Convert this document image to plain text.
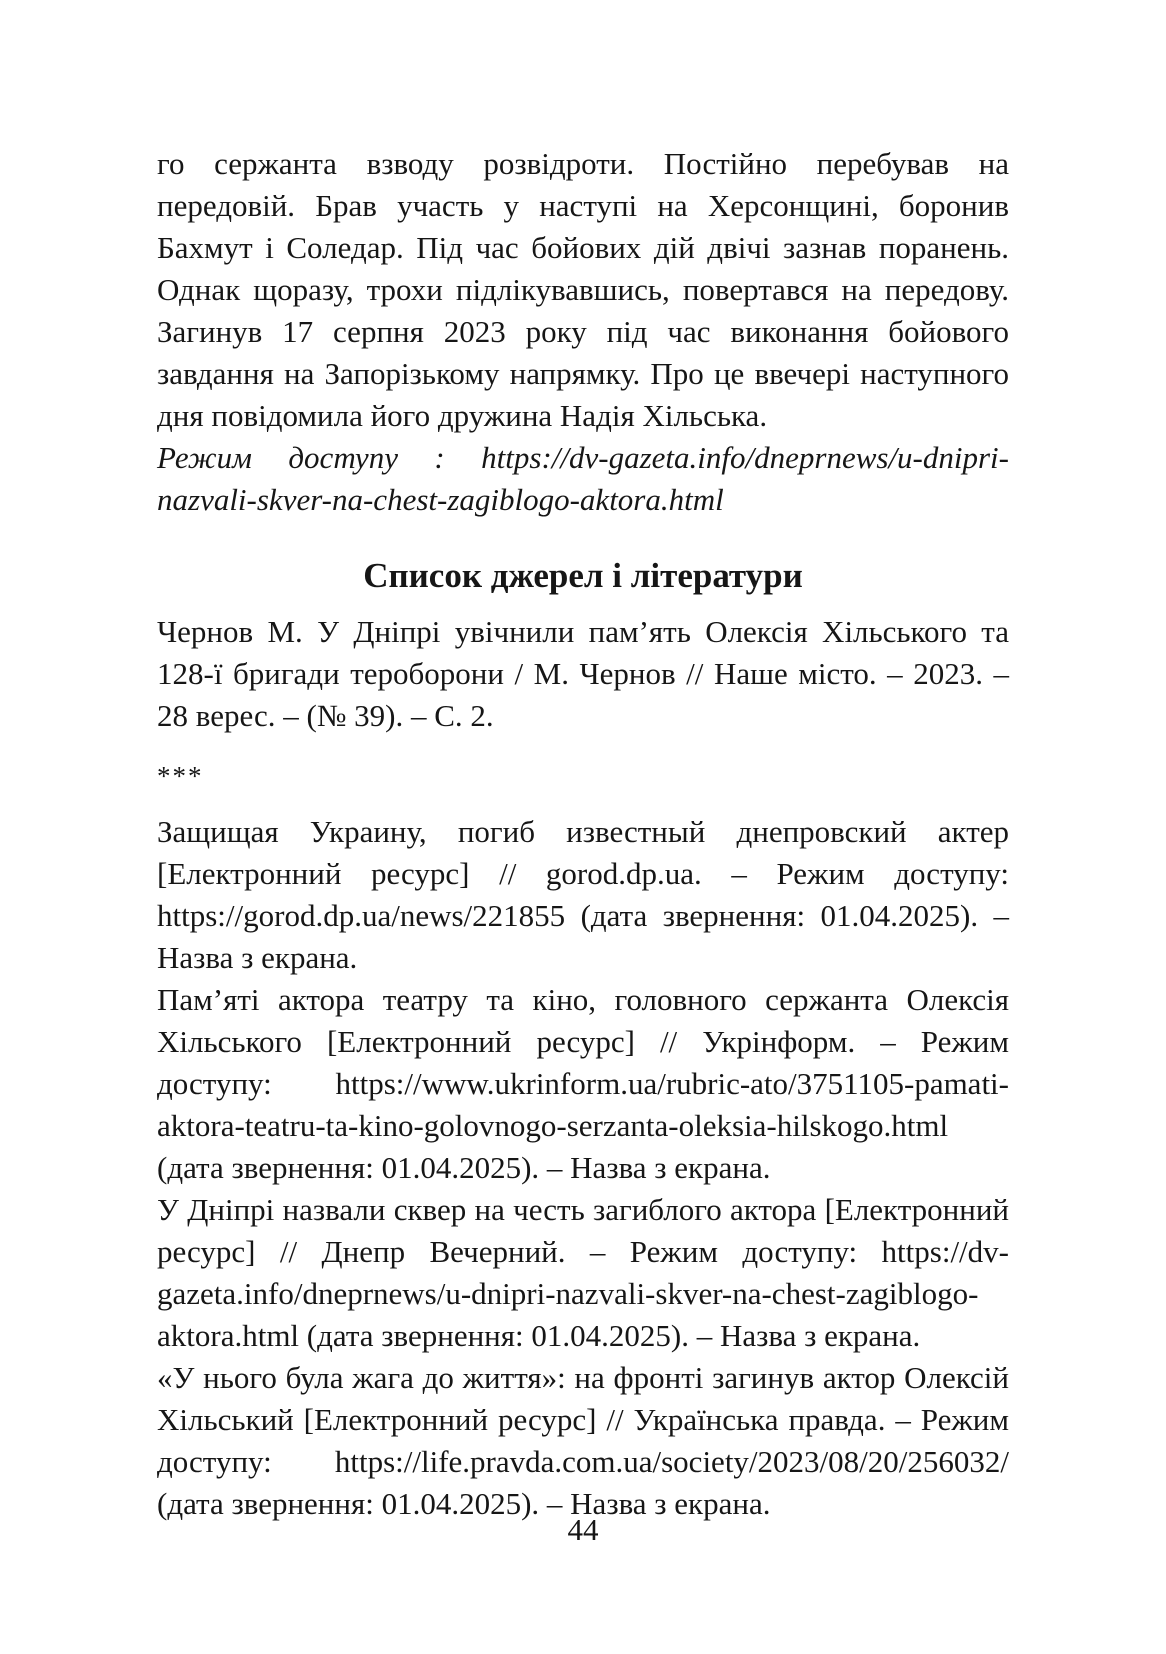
го сержанта взводу розвідроти. Постійно перебував на передовій. Брав участь у наступі на Херсонщині, боронив Бахмут і Соледар. Під час бойових дій двічі зазнав поранень. Однак щоразу, трохи підлікувавшись, повертався на передову. Загинув 17 серпня 2023 року під час виконання бойового завдання на Запорізькому напрямку. Про це ввечері наступного дня повідомила його дружина Надія Хільська.

Режим доступу : https://dv-gazeta.info/dneprnews/u-dnipri-nazvali-skver-na-chest-zagiblogo-aktora.html

Список джерел і літератури

Чернов М. У Дніпрі увічнили пам’ять Олексія Хільського та 128-ї бригади тероборони / М. Чернов // Наше місто. – 2023. – 28 верес. – (№ 39). – С. 2.

***

Защищая Украину, погиб известный днепровский актер [Електронний ресурс] // gorod.dp.ua. – Режим доступу: https://gorod.dp.ua/news/221855 (дата звернення: 01.04.2025). – Назва з екрана.

Пам’яті актора театру та кіно, головного сержанта Олексія Хільського [Електронний ресурс] // Укрінформ. – Режим доступу: https://www.ukrinform.ua/rubric-ato/3751105-pamati-aktora-teatru-ta-kino-golovnogo-serzanta-oleksia-hilskogo.html (дата звернення: 01.04.2025). – Назва з екрана.

У Дніпрі назвали сквер на честь загиблого актора [Електронний ресурс] // Днепр Вечерний. – Режим доступу: https://dv-gazeta.info/dneprnews/u-dnipri-nazvali-skver-na-chest-zagiblogo-aktora.html (дата звернення: 01.04.2025). – Назва з екрана.

«У нього була жага до життя»: на фронті загинув актор Олексій Хільський [Електронний ресурс] // Українська правда. – Режим доступу: https://life.pravda.com.ua/society/2023/08/20/256032/ (дата звернення: 01.04.2025). – Назва з екрана.

44
